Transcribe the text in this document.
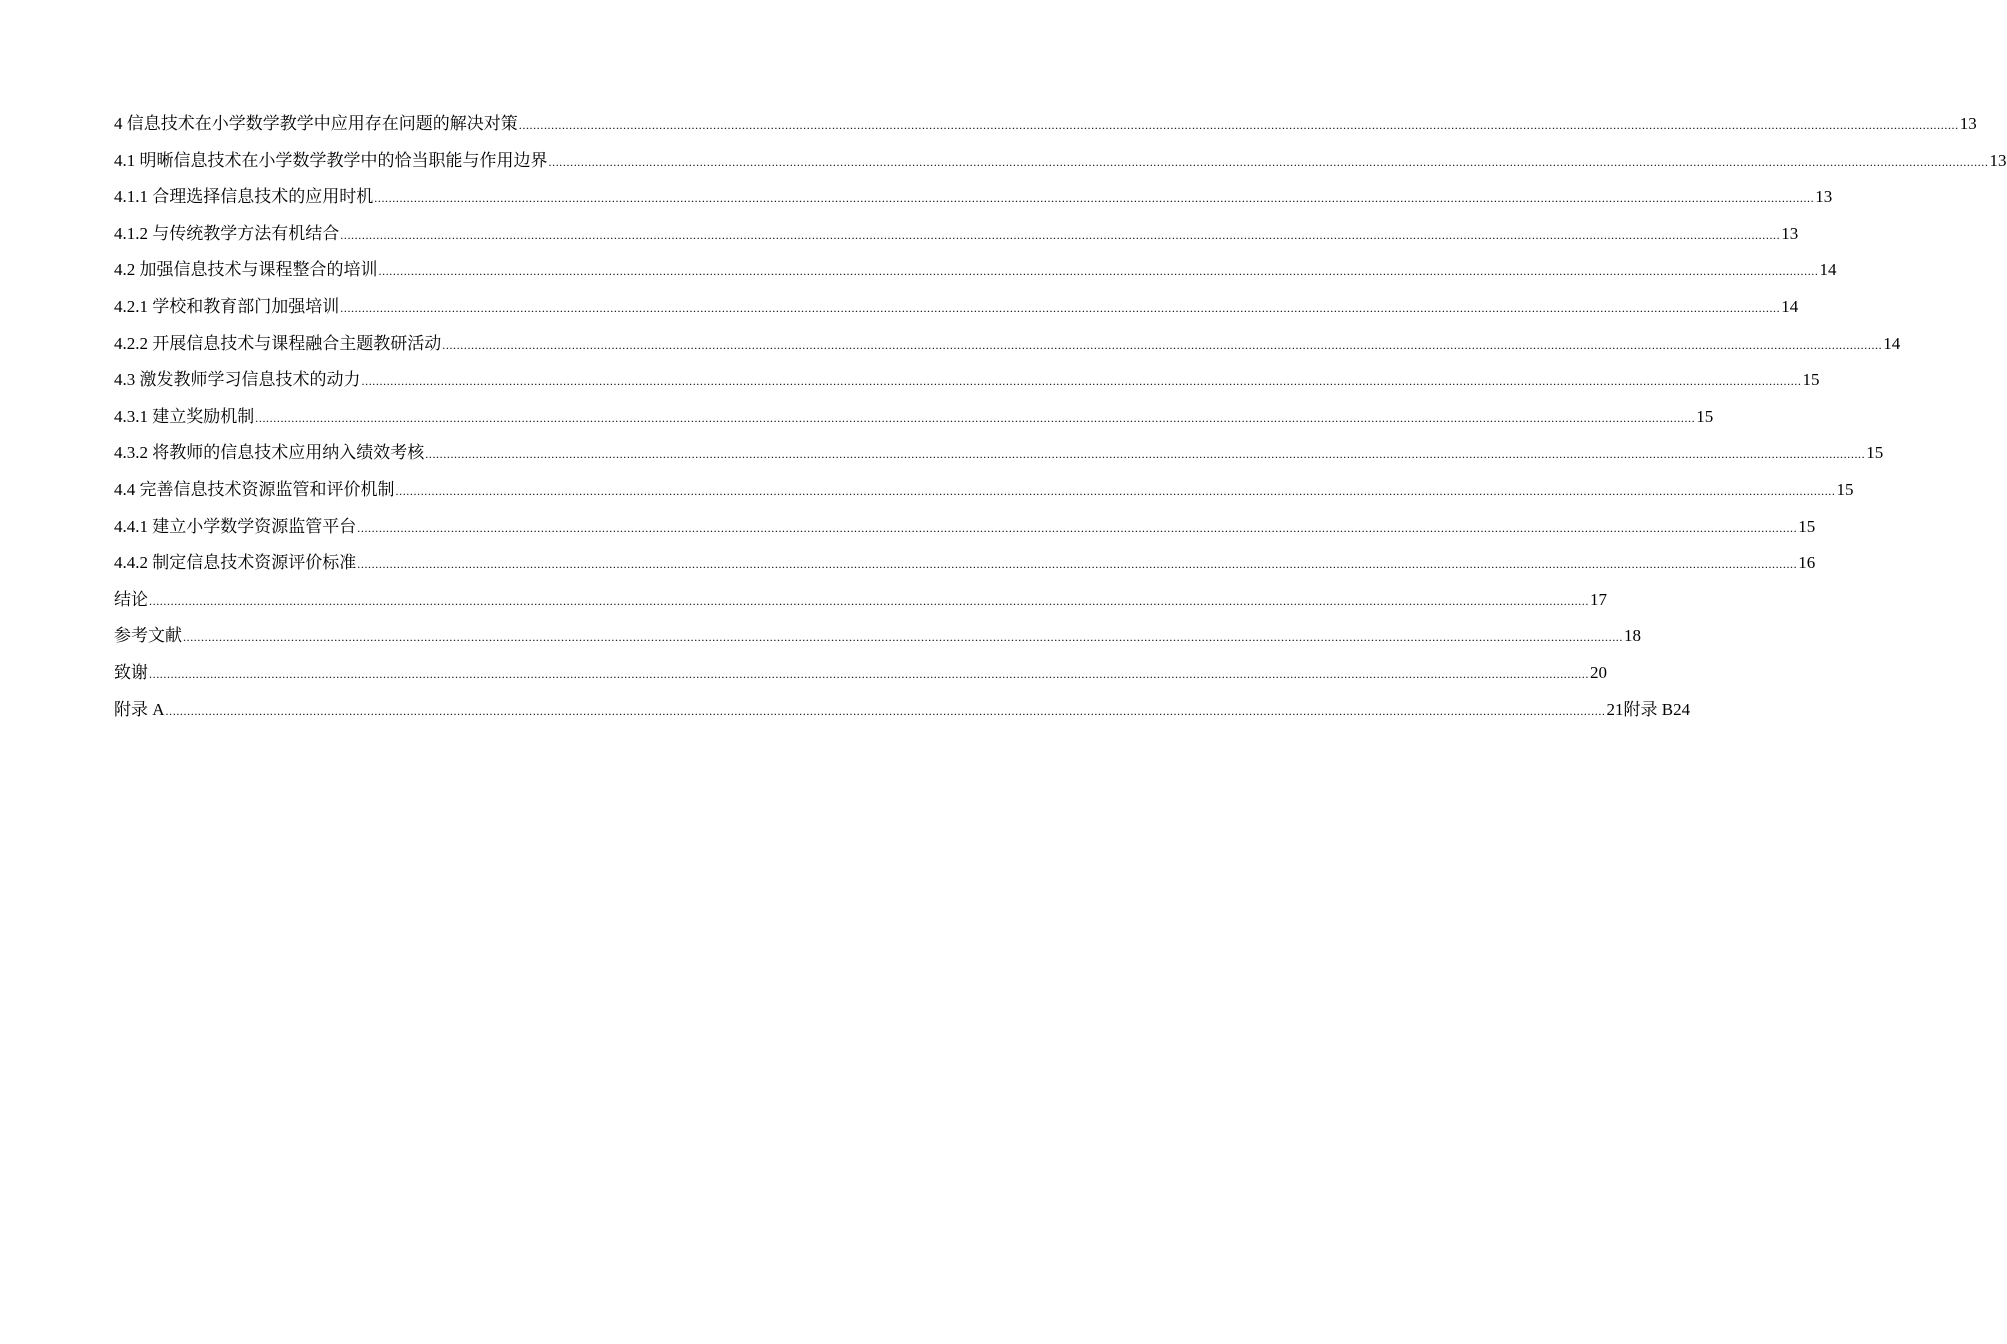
4 信息技术在小学数学教学中应用存在问题的解决对策 ................................................................................................................................................................................................................................................................................................................................................................................................................ 13
4.1 明晰信息技术在小学数学教学中的恰当职能与作用边界 ................................................................................................................................................................................................................................................................................................................................................................................................................ 13
4.1.1 合理选择信息技术的应用时机 ................................................................................................................................................................................................................................................................................................................................................................................................................ 13
4.1.2 与传统教学方法有机结合 ................................................................................................................................................................................................................................................................................................................................................................................................................ 13
4.2 加强信息技术与课程整合的培训 ................................................................................................................................................................................................................................................................................................................................................................................................................ 14
4.2.1 学校和教育部门加强培训 ................................................................................................................................................................................................................................................................................................................................................................................................................ 14
4.2.2 开展信息技术与课程融合主题教研活动 ................................................................................................................................................................................................................................................................................................................................................................................................................ 14
4.3 激发教师学习信息技术的动力 ................................................................................................................................................................................................................................................................................................................................................................................................................ 15
4.3.1 建立奖励机制 ................................................................................................................................................................................................................................................................................................................................................................................................................ 15
4.3.2 将教师的信息技术应用纳入绩效考核 ................................................................................................................................................................................................................................................................................................................................................................................................................ 15
4.4 完善信息技术资源监管和评价机制 ................................................................................................................................................................................................................................................................................................................................................................................................................ 15
4.4.1 建立小学数学资源监管平台 ................................................................................................................................................................................................................................................................................................................................................................................................................ 15
4.4.2 制定信息技术资源评价标准 ................................................................................................................................................................................................................................................................................................................................................................................................................ 16
结论 ................................................................................................................................................................................................................................................................................................................................................................................................................ 17
参考文献 ................................................................................................................................................................................................................................................................................................................................................................................................................ 18
致谢 ................................................................................................................................................................................................................................................................................................................................................................................................................ 20
附录 A ................................................................................................................................................................................................................................................................................................................................................................................................................ 21 附录 B24
